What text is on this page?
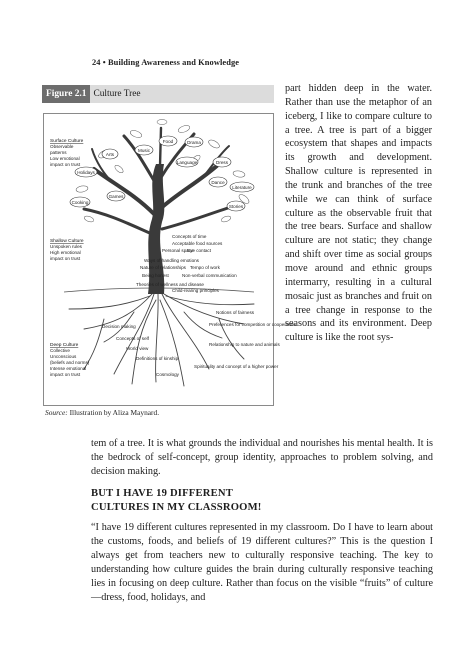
24 • Building Awareness and Knowledge
Figure 2.1 Culture Tree
Food
Music
Dress
Dance
Holidays
Language
Drama
Literature
Cooking
Games
Arts
Stories
Concepts of time
Acceptable food sources
Personal space
Eye contact
Ways of handling emotions
Nature of relationships Tempo of work
Being honest	Non-verbal communication
Theories of wellness and disease
Child-rearing principles
Decision making
Concepts of self
World view
Definitions of kinship
Cosmology
Spirituality and concept of a higher power
Relationship to nature and animals
Preferences for competition or cooperation
Notions of fairness
Surface Culture
Observable
patterns
Low emotional
impact on trust
Shallow Culture
Unspoken rules
High emotional
impact on trust
Deep Culture
Collective
Unconscious
(beliefs and norms)
Intense emotional
impact on trust
Source: Illustration by Aliza Maynard.
part hidden deep in the water. Rather than use the metaphor of an iceberg, I like to compare culture to a tree. A tree is part of a bigger ecosystem that shapes and impacts its growth and development. Shallow culture is represented in the trunk and branches of the tree while we can think of surface culture as the observable fruit that the tree bears. Surface and shallow culture are not static; they change and shift over time as social groups move around and ethnic groups intermarry, resulting in a cultural mosaic just as branches and fruit on a tree change in response to the seasons and its environment. Deep culture is like the root sys-
tem of a tree. It is what grounds the individual and nourishes his mental health. It is the bedrock of self-concept, group identity, approaches to problem solving, and decision making.
BUT I HAVE 19 DIFFERENT
CULTURES IN MY CLASSROOM!
“I have 19 different cultures represented in my classroom. Do I have to learn about the customs, foods, and beliefs of 19 different cultures?” This is the question I always get from teachers new to culturally responsive teaching. The key to understanding how culture guides the brain during culturally responsive teaching lies in focusing on deep culture. Rather than focus on the visible “fruits” of culture—dress, food, holidays, and
